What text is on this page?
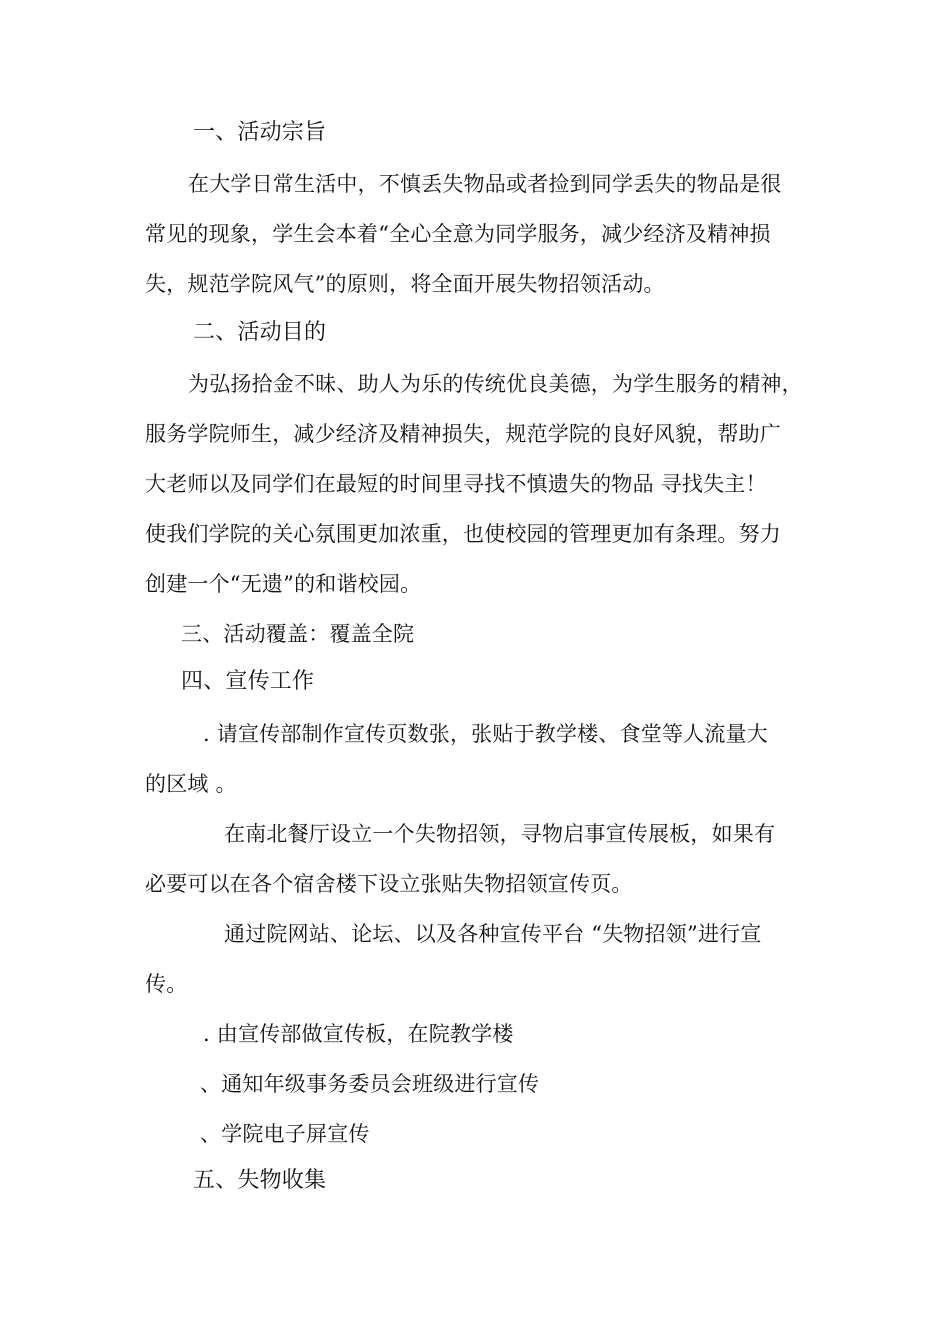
一、活动宗旨
在大学日常生活中，不慎丢失物品或者捡到同学丢失的物品是很
常见的现象，学生会本着“全心全意为同学服务，减少经济及精神损
失，规范学院风气”的原则，将全面开展失物招领活动。
二、活动目的
为弘扬拾金不昧、助人为乐的传统优良美德，为学生服务的精神，
服务学院师生，减少经济及精神损失，规范学院的良好风貌，帮助广
大老师以及同学们在最短的时间里寻找不慎遗失的物品 寻找失主！
使我们学院的关心氛围更加浓重，也使校园的管理更加有条理。努力
创建一个“无遗”的和谐校园。
三、活动覆盖：覆盖全院
四、宣传工作
. 请宣传部制作宣传页数张，张贴于教学楼、食堂等人流量大
的区域 。
在南北餐厅设立一个失物招领，寻物启事宣传展板，如果有
必要可以在各个宿舍楼下设立张贴失物招领宣传页。
通过院网站、论坛、以及各种宣传平台 “失物招领”进行宣
传。
. 由宣传部做宣传板，在院教学楼
、通知年级事务委员会班级进行宣传
、学院电子屏宣传
五、失物收集
